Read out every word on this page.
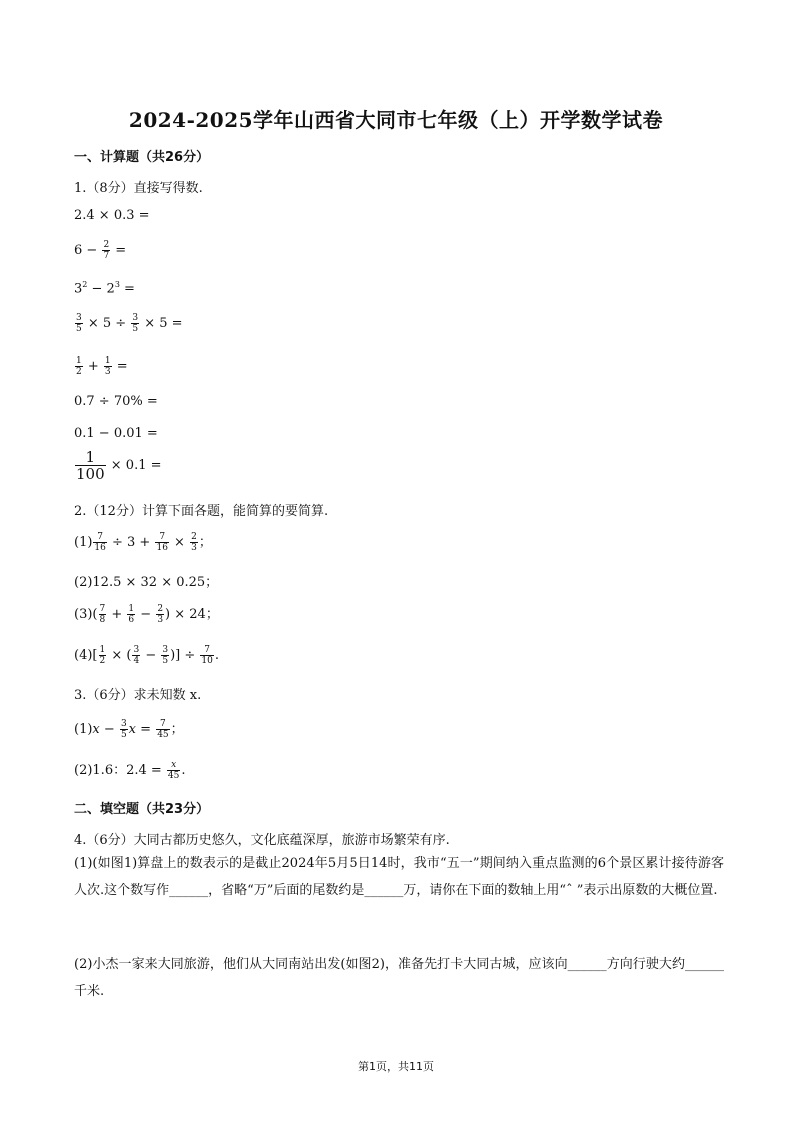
2024-2025学年山西省大同市七年级（上）开学数学试卷
一、计算题（共26分）
1.（8分）直接写得数.
2.4 × 0.3 =
$6 - \frac{2}{7}$ =
$3^2 - 2^3$ =
$\frac{3}{5} \times 5 \div \frac{3}{5} \times 5$ =
$\frac{1}{2} + \frac{1}{3}$ =
0.7 ÷ 70% =
0.1 − 0.01 =
$\frac{1}{100} \times 0.1$ =
2.（12分）计算下面各题，能简算的要简算.
$(1) \frac{7}{16} \div 3 + \frac{7}{16} \times \frac{2}{3}$ ；
(2)12.5 × 32 × 0.25；
$(3)( \frac{7}{8} + \frac{1}{6} - \frac{2}{3}$ ) × 24；
$(4)[ \frac{1}{2}$ × ( $\frac{3}{4} - \frac{3}{5}$ )] ÷ $\frac{7}{10}$ .
3.（6分）求未知数 x.
$(1)x - \frac{3}{5}$ $x = \frac{7}{45}$ ；
(2)1.6：$2.4 = \frac{x}{45}$ .
二、填空题（共23分）
4.（6分）大同古都历史悠久，文化底蕴深厚，旅游市场繁荣有序.
(1)(如图1)算盘上的数表示的是截止2024年5月5日14时，我市“五一”期间纳入重点监测的6个景区累计接待游客人次.这个数写作______，省略“万”后面的尾数约是______万，请你在下面的数轴上用“ˆ ”表示出原数的大概位置.
(2)小杰一家来大同旅游，他们从大同南站出发(如图2)，准备先打卡大同古城，应该向______方向行驶大约______千米.
第1页，共11页
